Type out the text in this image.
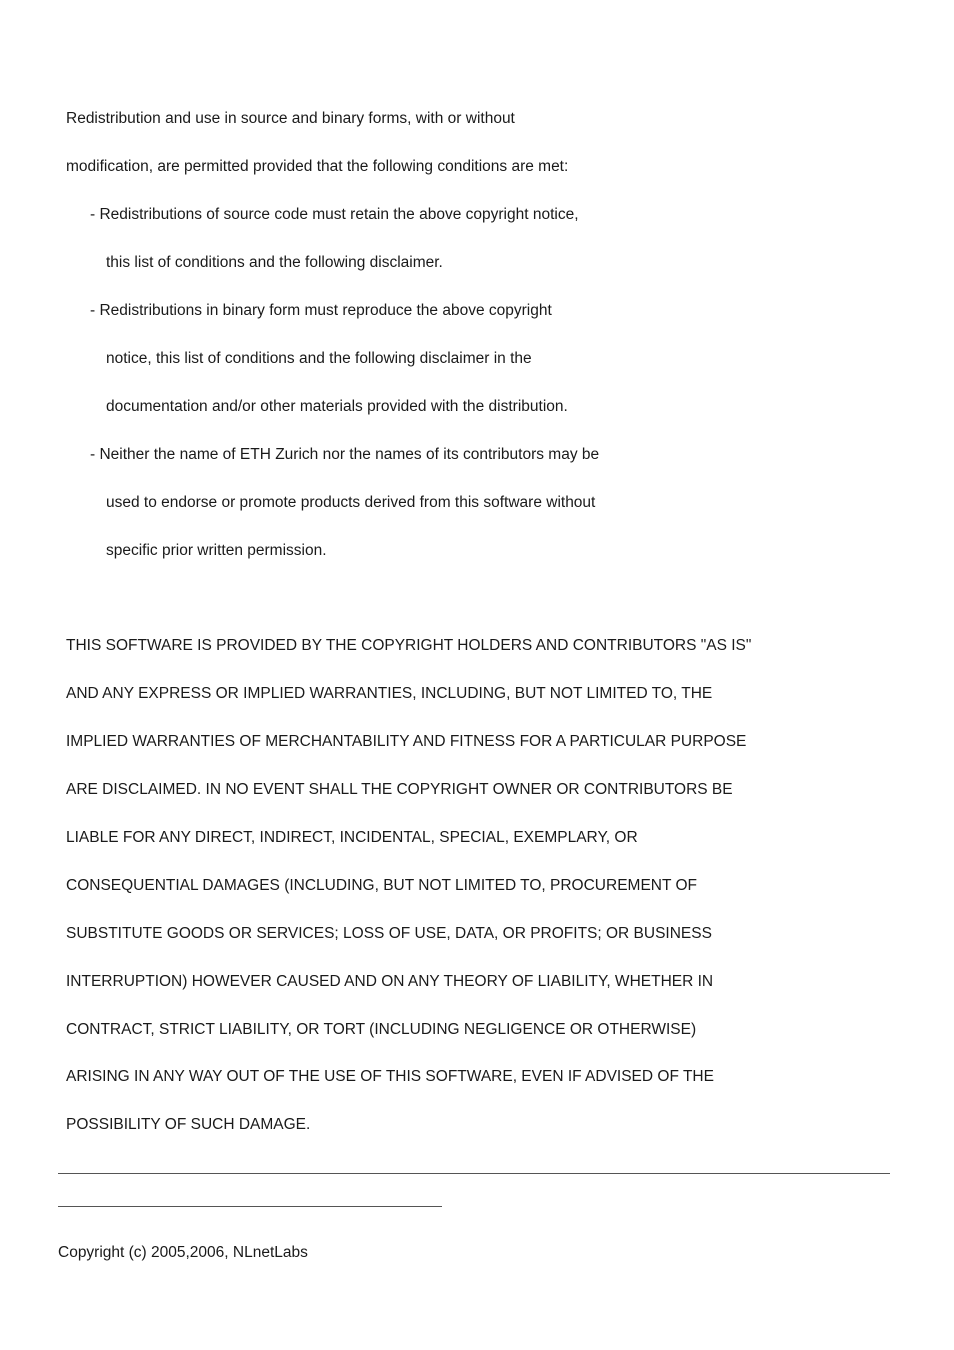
Redistribution and use in source and binary forms, with or without

modification, are permitted provided that the following conditions are met:

- Redistributions of source code must retain the above copyright notice,

this list of conditions and the following disclaimer.

- Redistributions in binary form must reproduce the above copyright

notice, this list of conditions and the following disclaimer in the

documentation and/or other materials provided with the distribution.

- Neither the name of ETH Zurich nor the names of its contributors may be

used to endorse or promote products derived from this software without

specific prior written permission.

THIS SOFTWARE IS PROVIDED BY THE COPYRIGHT HOLDERS AND CONTRIBUTORS "AS IS"

AND ANY EXPRESS OR IMPLIED WARRANTIES, INCLUDING, BUT NOT LIMITED TO, THE

IMPLIED WARRANTIES OF MERCHANTABILITY AND FITNESS FOR A PARTICULAR PURPOSE

ARE DISCLAIMED. IN NO EVENT SHALL THE COPYRIGHT OWNER OR CONTRIBUTORS BE

LIABLE FOR ANY DIRECT, INDIRECT, INCIDENTAL, SPECIAL, EXEMPLARY, OR

CONSEQUENTIAL DAMAGES (INCLUDING, BUT NOT LIMITED TO, PROCUREMENT OF

SUBSTITUTE GOODS OR SERVICES; LOSS OF USE, DATA, OR PROFITS; OR BUSINESS

INTERRUPTION) HOWEVER CAUSED AND ON ANY THEORY OF LIABILITY, WHETHER IN

CONTRACT, STRICT LIABILITY, OR TORT (INCLUDING NEGLIGENCE OR OTHERWISE)

ARISING IN ANY WAY OUT OF THE USE OF THIS SOFTWARE, EVEN IF ADVISED OF THE

POSSIBILITY OF SUCH DAMAGE.

Copyright (c) 2005,2006, NLnetLabs
